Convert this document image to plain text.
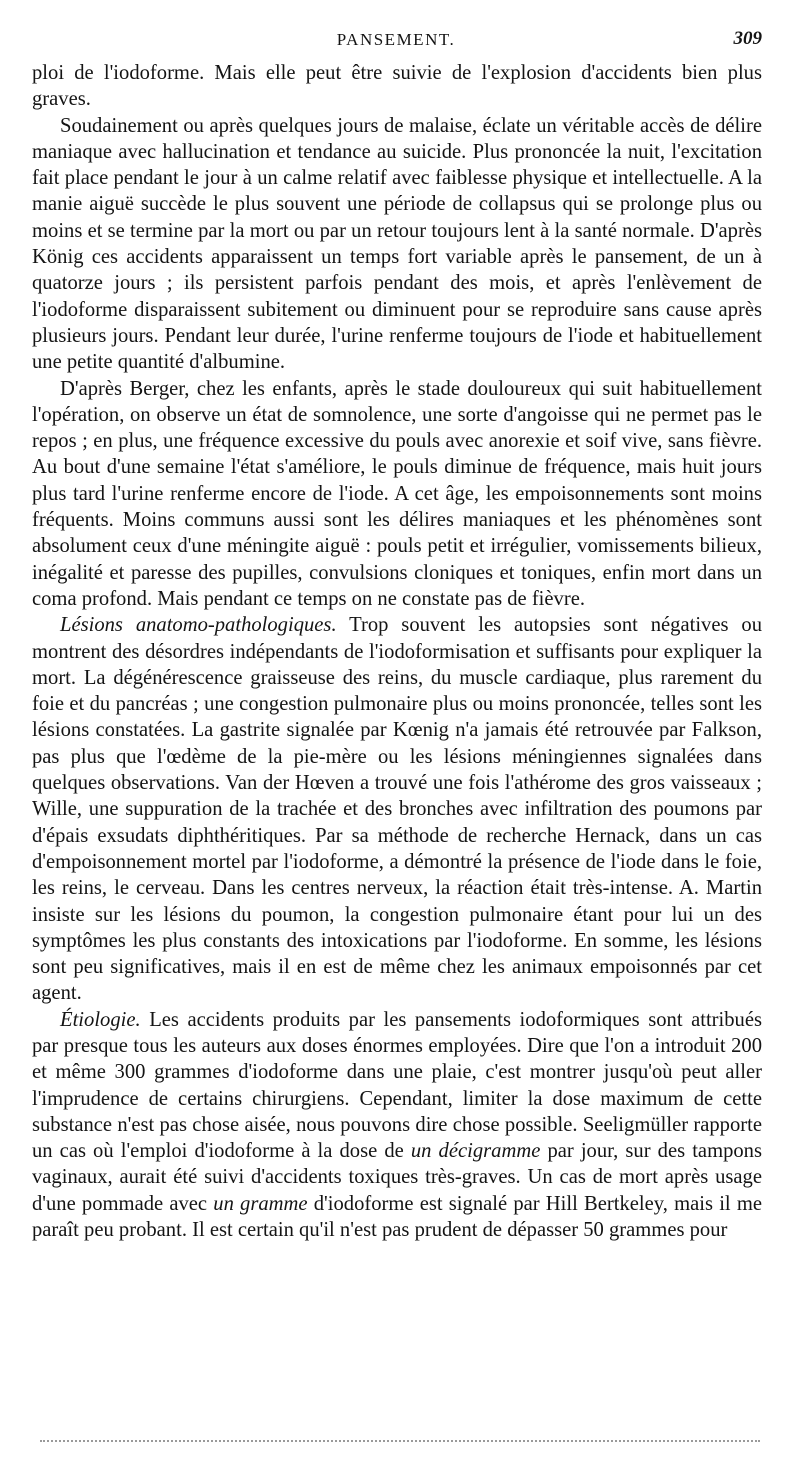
PANSEMENT.	309

ploi de l'iodoforme. Mais elle peut être suivie de l'explosion d'accidents bien plus graves.

Soudainement ou après quelques jours de malaise, éclate un véritable accès de délire maniaque avec hallucination et tendance au suicide. Plus prononcée la nuit, l'excitation fait place pendant le jour à un calme relatif avec faiblesse physique et intellectuelle. A la manie aiguë succède le plus souvent une période de collapsus qui se prolonge plus ou moins et se termine par la mort ou par un retour toujours lent à la santé normale. D'après König ces accidents apparaissent un temps fort variable après le pansement, de un à quatorze jours ; ils persistent parfois pendant des mois, et après l'enlèvement de l'iodoforme disparaissent subitement ou diminuent pour se reproduire sans cause après plusieurs jours. Pendant leur durée, l'urine renferme toujours de l'iode et habituellement une petite quantité d'albumine.

D'après Berger, chez les enfants, après le stade douloureux qui suit habituellement l'opération, on observe un état de somnolence, une sorte d'angoisse qui ne permet pas le repos ; en plus, une fréquence excessive du pouls avec anorexie et soif vive, sans fièvre. Au bout d'une semaine l'état s'améliore, le pouls diminue de fréquence, mais huit jours plus tard l'urine renferme encore de l'iode. A cet âge, les empoisonnements sont moins fréquents. Moins communs aussi sont les délires maniaques et les phénomènes sont absolument ceux d'une méningite aiguë : pouls petit et irrégulier, vomissements bilieux, inégalité et paresse des pupilles, convulsions cloniques et toniques, enfin mort dans un coma profond. Mais pendant ce temps on ne constate pas de fièvre.

Lésions anatomo-pathologiques. Trop souvent les autopsies sont négatives ou montrent des désordres indépendants de l'iodoformisation et suffisants pour expliquer la mort. La dégénérescence graisseuse des reins, du muscle cardiaque, plus rarement du foie et du pancréas ; une congestion pulmonaire plus ou moins prononcée, telles sont les lésions constatées. La gastrite signalée par Kœnig n'a jamais été retrouvée par Falkson, pas plus que l'œdème de la pie-mère ou les lésions méningiennes signalées dans quelques observations. Van der Hœven a trouvé une fois l'athérome des gros vaisseaux ; Wille, une suppuration de la trachée et des bronches avec infiltration des poumons par d'épais exsudats diphthéritiques. Par sa méthode de recherche Hernack, dans un cas d'empoisonnement mortel par l'iodoforme, a démontré la présence de l'iode dans le foie, les reins, le cerveau. Dans les centres nerveux, la réaction était très-intense. A. Martin insiste sur les lésions du poumon, la congestion pulmonaire étant pour lui un des symptômes les plus constants des intoxications par l'iodoforme. En somme, les lésions sont peu significatives, mais il en est de même chez les animaux empoisonnés par cet agent.

Étiologie. Les accidents produits par les pansements iodoformiques sont attribués par presque tous les auteurs aux doses énormes employées. Dire que l'on a introduit 200 et même 300 grammes d'iodoforme dans une plaie, c'est montrer jusqu'où peut aller l'imprudence de certains chirurgiens. Cependant, limiter la dose maximum de cette substance n'est pas chose aisée, nous pouvons dire chose possible. Seeligmüller rapporte un cas où l'emploi d'iodoforme à la dose de un décigramme par jour, sur des tampons vaginaux, aurait été suivi d'accidents toxiques très-graves. Un cas de mort après usage d'une pommade avec un gramme d'iodoforme est signalé par Hill Bertkeley, mais il me paraît peu probant. Il est certain qu'il n'est pas prudent de dépasser 50 grammes pour
